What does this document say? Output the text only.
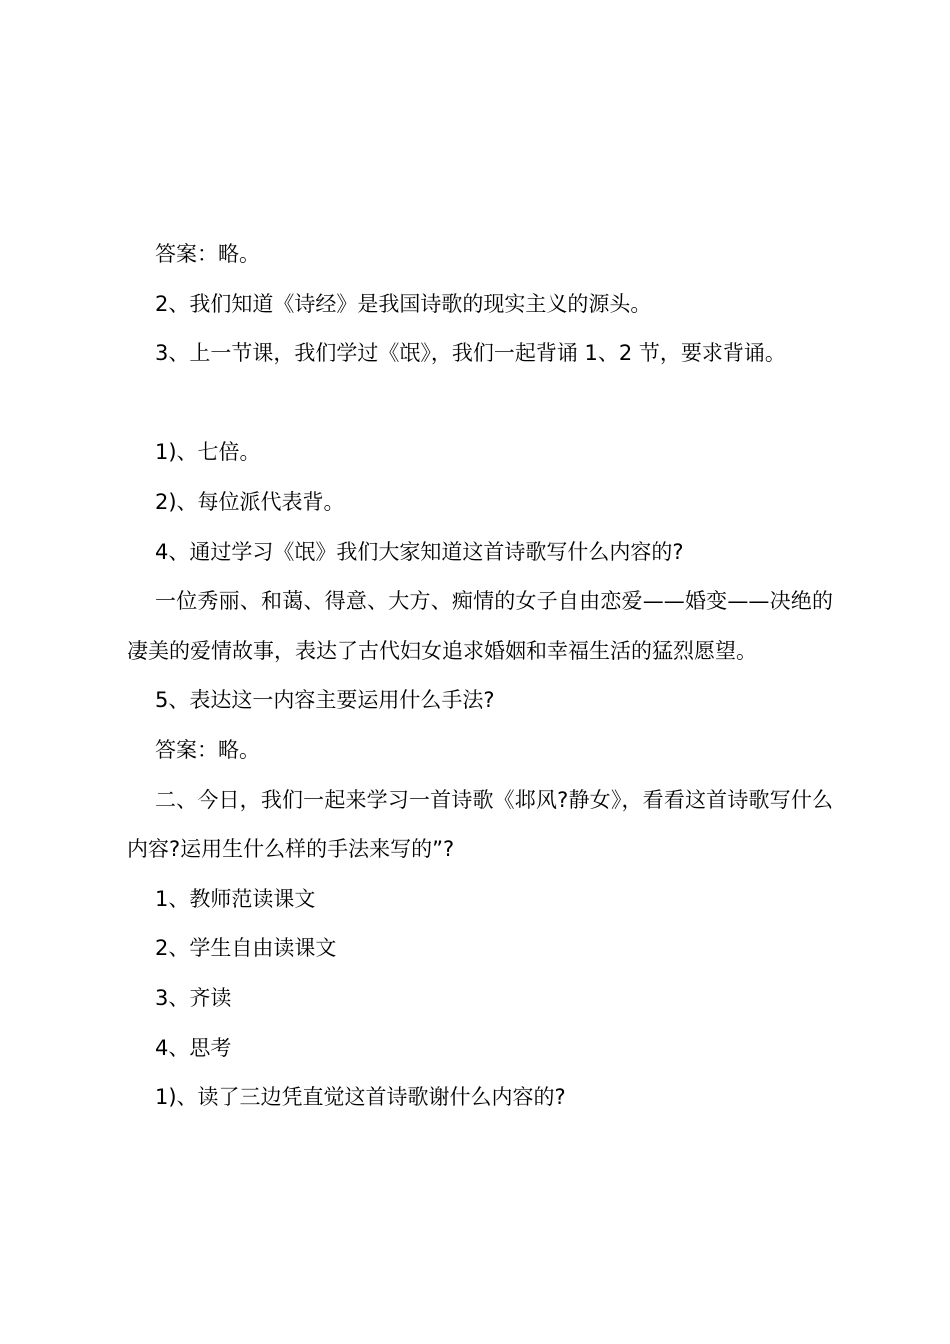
答案：略。

2、我们知道《诗经》是我国诗歌的现实主义的源头。

3、上一节课，我们学过《氓》，我们一起背诵 1、2 节，要求背诵。

1)、七倍。

2)、每位派代表背。

4、通过学习《氓》我们大家知道这首诗歌写什么内容的?

一位秀丽、和蔼、得意、大方、痴情的女子自由恋爱——婚变——决绝的凄美的爱情故事，表达了古代妇女追求婚姻和幸福生活的猛烈愿望。

5、表达这一内容主要运用什么手法?

答案：略。

二、今日，我们一起来学习一首诗歌《邶风?静女》，看看这首诗歌写什么内容?运用生什么样的手法来写的”?

1、教师范读课文

2、学生自由读课文

3、齐读

4、思考

1)、读了三边凭直觉这首诗歌谢什么内容的?
